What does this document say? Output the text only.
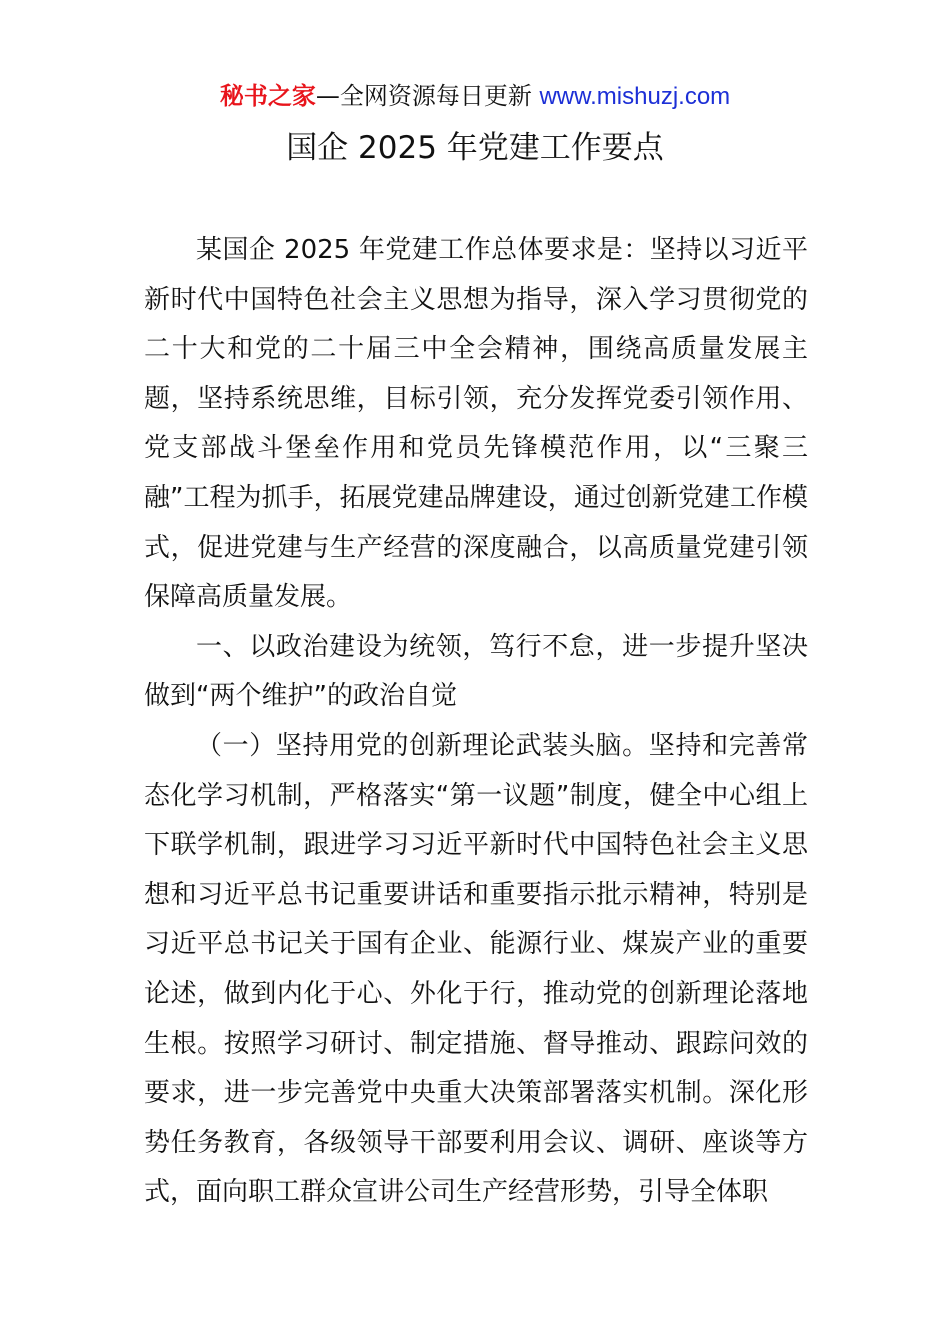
秘书之家—全网资源每日更新 www.mishuzj.com
国企 2025 年党建工作要点

某国企 2025 年党建工作总体要求是：坚持以习近平新时代中国特色社会主义思想为指导，深入学习贯彻党的二十大和党的二十届三中全会精神，围绕高质量发展主题，坚持系统思维，目标引领，充分发挥党委引领作用、党支部战斗堡垒作用和党员先锋模范作用，以“三聚三融”工程为抓手，拓展党建品牌建设，通过创新党建工作模式，促进党建与生产经营的深度融合，以高质量党建引领保障高质量发展。

一、以政治建设为统领，笃行不怠，进一步提升坚决做到“两个维护”的政治自觉

（一）坚持用党的创新理论武装头脑。坚持和完善常态化学习机制，严格落实“第一议题”制度，健全中心组上下联学机制，跟进学习习近平新时代中国特色社会主义思想和习近平总书记重要讲话和重要指示批示精神，特别是习近平总书记关于国有企业、能源行业、煤炭产业的重要论述，做到内化于心、外化于行，推动党的创新理论落地生根。按照学习研讨、制定措施、督导推动、跟踪问效的要求，进一步完善党中央重大决策部署落实机制。深化形势任务教育，各级领导干部要利用会议、调研、座谈等方式，面向职工群众宣讲公司生产经营形势，引导全体职
